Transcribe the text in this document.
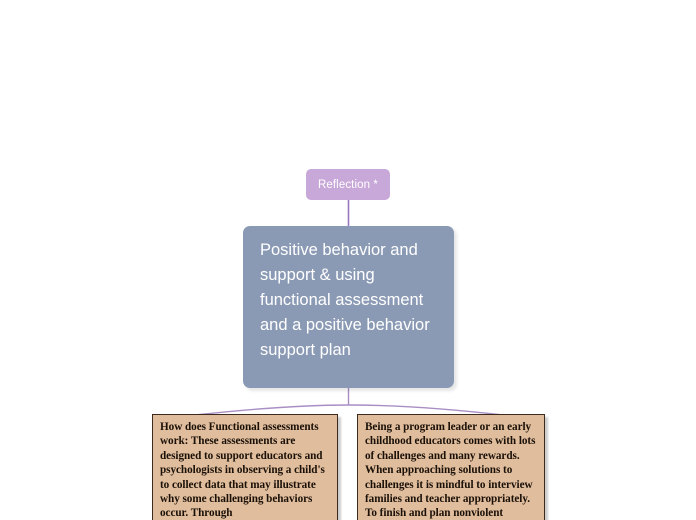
Reflection *
Positive behavior and support & using functional assessment and a positive behavior support plan
How does Functional assessments work: These assessments are designed to support educators and psychologists in observing a child's to collect data that may illustrate why some challenging behaviors occur. Through
Being a program leader or an early childhood educators comes with lots of challenges and many rewards. When approaching solutions to challenges it is mindful to interview families and teacher appropriately. To finish and plan nonviolent
